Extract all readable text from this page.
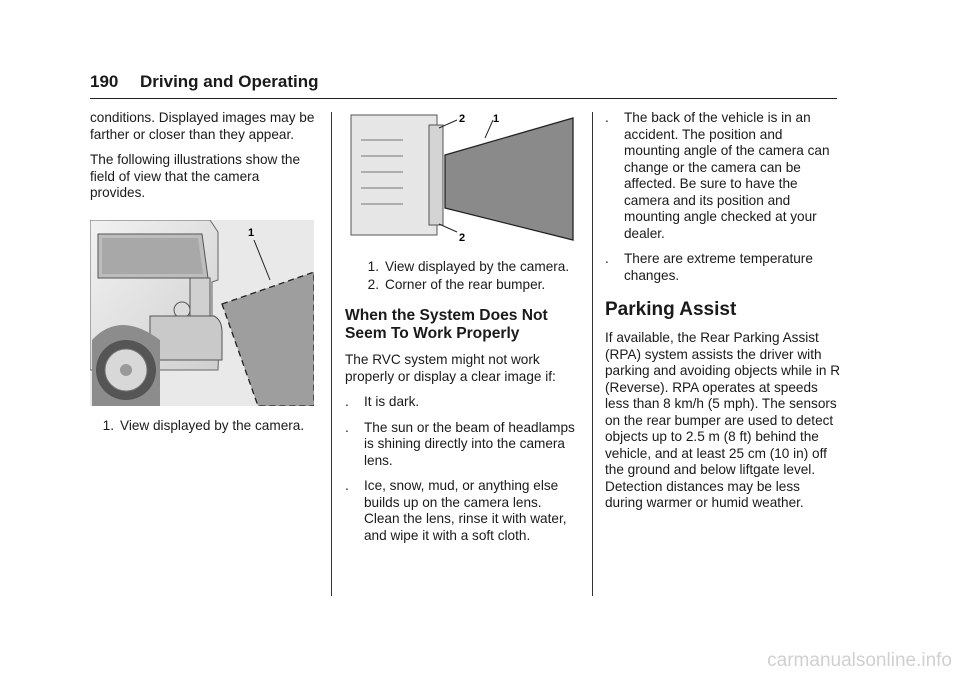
190 Driving and Operating

conditions. Displayed images may be farther or closer than they appear.

The following illustrations show the field of view that the camera provides.

1
1. View displayed by the camera.
2	1
2
1. View displayed by the camera.
2. Corner of the rear bumper.
When the System Does Not Seem To Work Properly

The RVC system might not work properly or display a clear image if:

.	It is dark.
.	The sun or the beam of headlamps is shining directly into the camera lens.
.	Ice, snow, mud, or anything else builds up on the camera lens. Clean the lens, rinse it with water, and wipe it with a soft cloth.
.	The back of the vehicle is in an accident. The position and mounting angle of the camera can change or the camera can be affected. Be sure to have the camera and its position and mounting angle checked at your dealer.
.	There are extreme temperature changes.
Parking Assist

If available, the Rear Parking Assist (RPA) system assists the driver with parking and avoiding objects while in R (Reverse). RPA operates at speeds less than 8 km/h (5 mph). The sensors on the rear bumper are used to detect objects up to 2.5 m (8 ft) behind the vehicle, and at least 25 cm (10 in) off the ground and below liftgate level. Detection distances may be less during warmer or humid weather.

carmanualsonline.info
